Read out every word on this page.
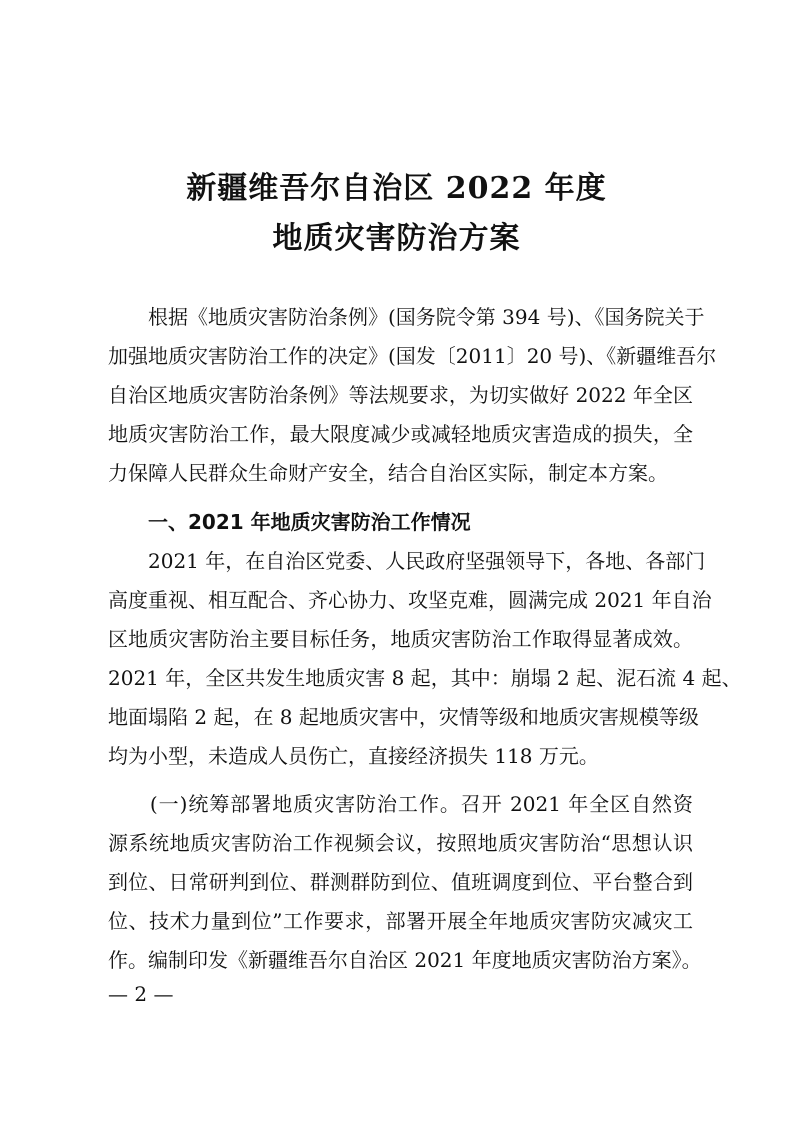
新疆维吾尔自治区 2022 年度
地质灾害防治方案
　　根据《地质灾害防治条例》(国务院令第 394 号)、《国务院关于
加强地质灾害防治工作的决定》(国发〔2011〕20 号)、《新疆维吾尔
自治区地质灾害防治条例》等法规要求，为切实做好 2022 年全区
地质灾害防治工作，最大限度减少或减轻地质灾害造成的损失，全
力保障人民群众生命财产安全，结合自治区实际，制定本方案。
　　一、2021 年地质灾害防治工作情况
　　2021 年，在自治区党委、人民政府坚强领导下，各地、各部门
高度重视、相互配合、齐心协力、攻坚克难，圆满完成 2021 年自治
区地质灾害防治主要目标任务，地质灾害防治工作取得显著成效。
2021 年，全区共发生地质灾害 8 起，其中：崩塌 2 起、泥石流 4 起、
地面塌陷 2 起，在 8 起地质灾害中，灾情等级和地质灾害规模等级
均为小型，未造成人员伤亡，直接经济损失 118 万元。
　　(一)统筹部署地质灾害防治工作。召开 2021 年全区自然资
源系统地质灾害防治工作视频会议，按照地质灾害防治“思想认识
到位、日常研判到位、群测群防到位、值班调度到位、平台整合到
位、技术力量到位”工作要求，部署开展全年地质灾害防灾减灾工
作。编制印发《新疆维吾尔自治区 2021 年度地质灾害防治方案》。
— 2 —
